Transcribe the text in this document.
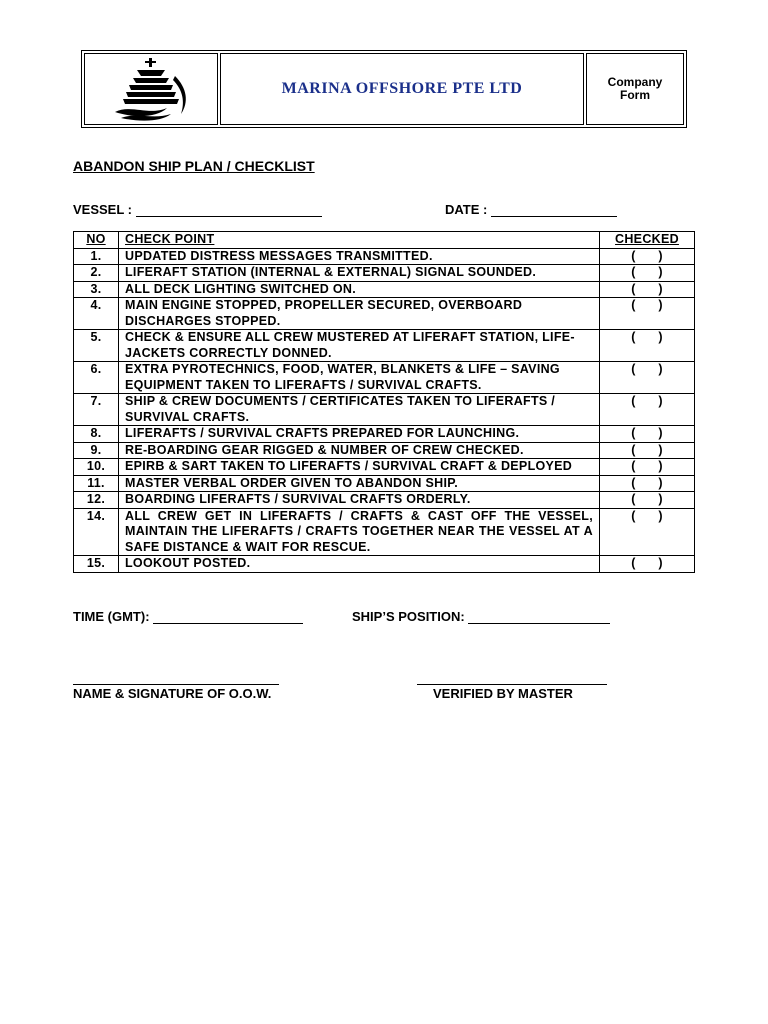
MARINA OFFSHORE PTE LTD	Company
Form
ABANDON SHIP PLAN / CHECKLIST
VESSEL :	DATE :
NO	CHECK POINT	CHECKED
1.	UPDATED DISTRESS MESSAGES TRANSMITTED.	(      )
2.	LIFERAFT STATION (INTERNAL & EXTERNAL) SIGNAL SOUNDED.	(      )
3.	ALL DECK LIGHTING SWITCHED ON.	(      )
4.	MAIN ENGINE STOPPED, PROPELLER SECURED, OVERBOARD DISCHARGES STOPPED.	(      )
5.	CHECK & ENSURE ALL CREW MUSTERED AT LIFERAFT STATION, LIFE-JACKETS CORRECTLY DONNED.	(      )
6.	EXTRA PYROTECHNICS, FOOD, WATER, BLANKETS & LIFE – SAVING EQUIPMENT TAKEN TO LIFERAFTS / SURVIVAL CRAFTS.	(      )
7.	SHIP & CREW DOCUMENTS / CERTIFICATES TAKEN TO LIFERAFTS / SURVIVAL CRAFTS.	(      )
8.	LIFERAFTS / SURVIVAL CRAFTS PREPARED FOR LAUNCHING.	(      )
9.	RE-BOARDING GEAR RIGGED & NUMBER OF CREW CHECKED.	(      )
10.	EPIRB & SART TAKEN TO LIFERAFTS / SURVIVAL CRAFT & DEPLOYED	(      )
11.	MASTER VERBAL ORDER GIVEN TO ABANDON SHIP.	(      )
12.	BOARDING LIFERAFTS / SURVIVAL CRAFTS ORDERLY.	(      )
14.	ALL CREW GET IN LIFERAFTS / CRAFTS & CAST OFF THE VESSEL, MAINTAIN THE LIFERAFTS / CRAFTS TOGETHER NEAR THE VESSEL AT A SAFE DISTANCE & WAIT FOR RESCUE.	(      )
15.	LOOKOUT POSTED.	(      )
TIME (GMT):	SHIP’S POSITION:
NAME & SIGNATURE OF O.O.W.	VERIFIED BY MASTER
